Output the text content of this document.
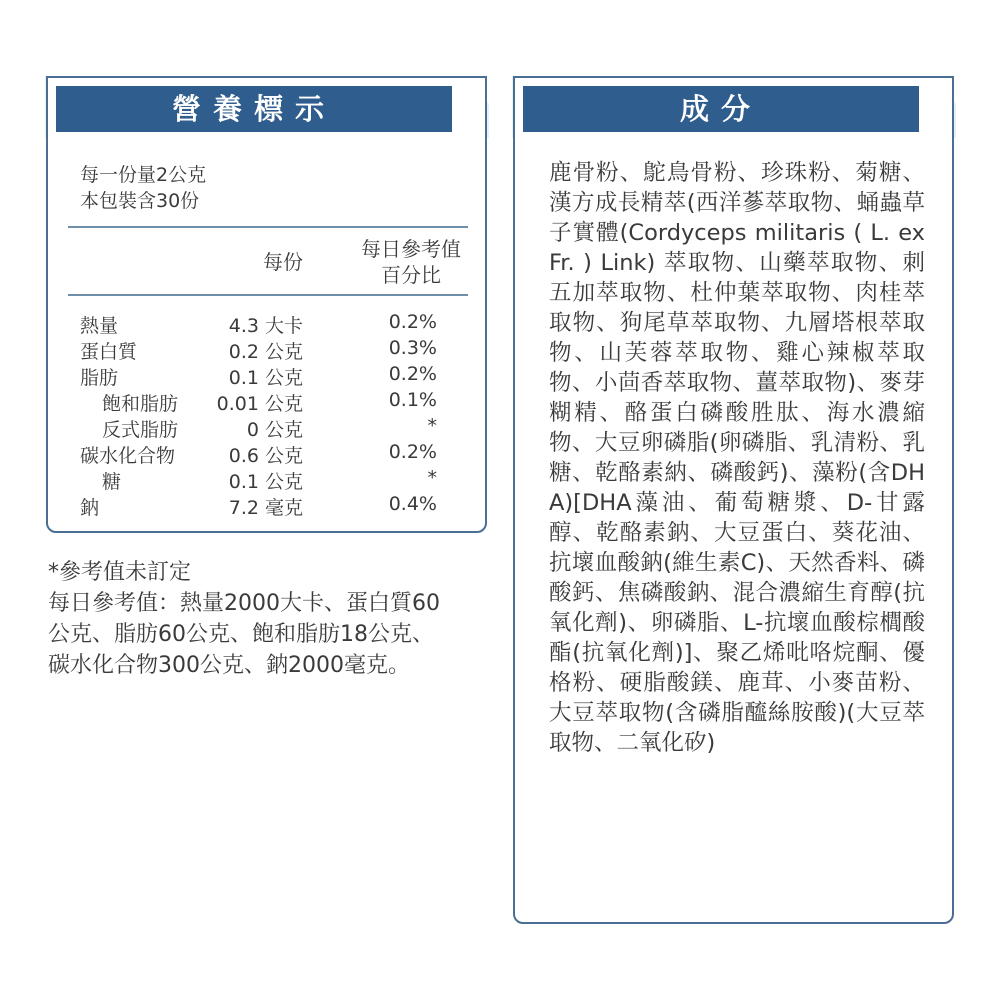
每一份量2公克
本包裝含30份
每份
每日參考值
百分比
熱量	4.3 大卡	0.2%
蛋白質	0.2 公克	0.3%
脂肪	0.1 公克	0.2%
飽和脂肪 0.01 公克	0.1%
反式脂肪	0 公克	*
碳水化合物	0.6 公克	0.2%
糖	0.1 公克	*
鈉	7.2 毫克	0.4%
營養標示
*參考值未訂定
每日參考值：熱量2000大卡、蛋白質60
公克、脂肪60公克、飽和脂肪18公克、
碳水化合物300公克、鈉2000毫克。
鹿骨粉、鴕鳥骨粉、珍珠粉、菊糖、漢方成長精萃(西洋蔘萃取物、蛹蟲草子實體(Cordyceps militaris ( L. ex Fr. ) Link) 萃取物、山藥萃取物、刺五加萃取物、杜仲葉萃取物、肉桂萃取物、狗尾草萃取物、九層塔根萃取物、山芙蓉萃取物、雞心辣椒萃取物、小茴香萃取物、薑萃取物)、麥芽糊精、酪蛋白磷酸胜肽、海水濃縮物、大豆卵磷脂(卵磷脂、乳清粉、乳糖、乾酪素納、磷酸鈣)、藻粉(含DHA)[DHA藻油、葡萄糖漿、D-甘露醇、乾酪素鈉、大豆蛋白、葵花油、抗壞血酸鈉(維生素C)、天然香料、磷酸鈣、焦磷酸鈉、混合濃縮生育醇(抗氧化劑)、卵磷脂、L-抗壞血酸棕櫚酸酯(抗氧化劑)]、聚乙烯吡咯烷酮、優格粉、硬脂酸鎂、鹿茸、小麥苗粉、大豆萃取物(含磷脂醯絲胺酸)(大豆萃取物、二氧化矽)
成分
